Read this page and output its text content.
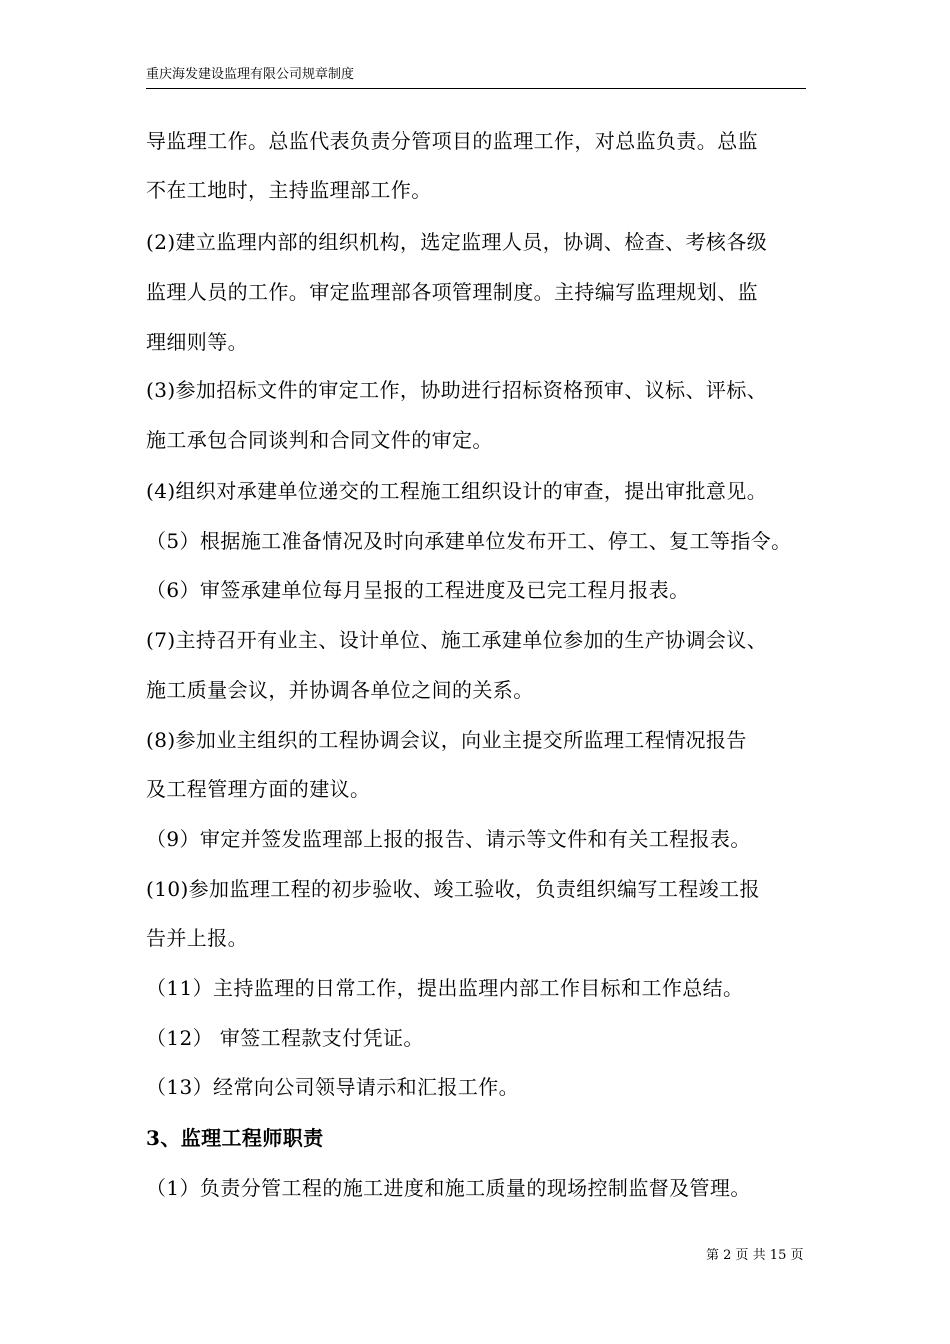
重庆海发建设监理有限公司规章制度
导监理工作。总监代表负责分管项目的监理工作，对总监负责。总监
不在工地时，主持监理部工作。
(2)建立监理内部的组织机构，选定监理人员，协调、检查、考核各级
监理人员的工作。审定监理部各项管理制度。主持编写监理规划、监
理细则等。
(3)参加招标文件的审定工作，协助进行招标资格预审、议标、评标、
施工承包合同谈判和合同文件的审定。
(4)组织对承建单位递交的工程施工组织设计的审查，提出审批意见。
（5）根据施工准备情况及时向承建单位发布开工、停工、复工等指令。
（6）审签承建单位每月呈报的工程进度及已完工程月报表。
(7)主持召开有业主、设计单位、施工承建单位参加的生产协调会议、
施工质量会议，并协调各单位之间的关系。
(8)参加业主组织的工程协调会议，向业主提交所监理工程情况报告
及工程管理方面的建议。
（9）审定并签发监理部上报的报告、请示等文件和有关工程报表。
(10)参加监理工程的初步验收、竣工验收，负责组织编写工程竣工报
告并上报。
（11）主持监理的日常工作，提出监理内部工作目标和工作总结。
（12） 审签工程款支付凭证。
（13）经常向公司领导请示和汇报工作。
3、监理工程师职责
（1）负责分管工程的施工进度和施工质量的现场控制监督及管理。
第 2 页 共 15 页
